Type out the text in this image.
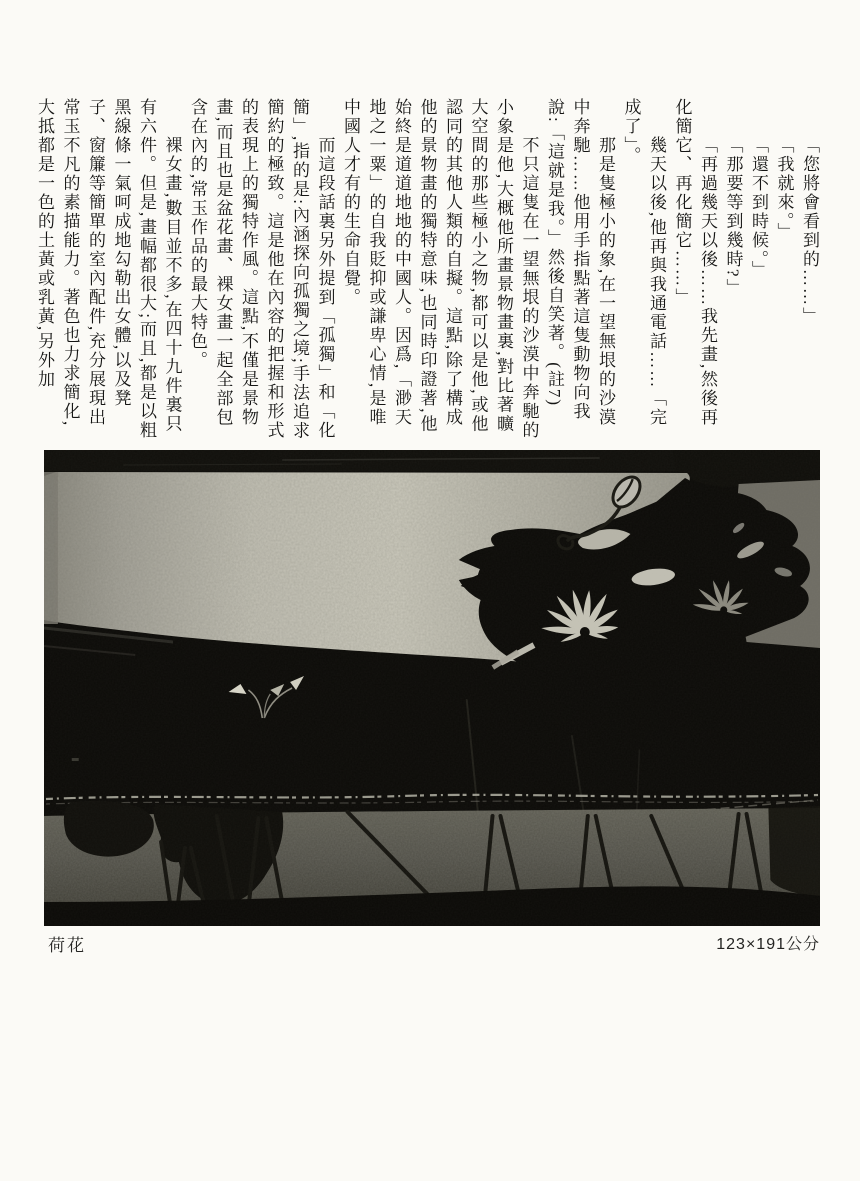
「您將會看到的……」

「我就來。」

「還不到時候。」

「那要等到幾時?」

「再過幾天以後……我先畫,然後再化簡它、再化簡它……」

幾天以後,他再與我通電話……「完成了」。

那是隻極小的象,在一望無垠的沙漠中奔馳……他用手指點著這隻動物向我說:「這就是我。」然後自笑著。(註7)

不只這隻在一望無垠的沙漠中奔馳的小象是他,大概他所畫景物畫裏,對比著曠大空間的那些極小之物,都可以是他,或他認同的其他人類的自擬。這點,除了構成他的景物畫的獨特意味,也同時印證著,他始終是道道地地的中國人。因爲,「渺天地之一粟」的自我貶抑或謙卑心情,是唯中國人才有的生命自覺。

而這段話裏另外提到「孤獨」和「化簡」,指的是:內涵探向孤獨之境;手法追求簡約的極致。這是他在內容的把握和形式的表現上的獨特作風。這點,不僅是景物畫,而且也是盆花畫、裸女畫一起全部包含在內的,常玉作品的最大特色。

裸女畫,數目並不多,在四十九件裏只有六件。但是,畫幅都很大;而且,都是以粗黑線條一氣呵成地勾勒出女體,以及凳子、窗簾等簡單的室內配件,充分展現出常玉不凡的素描能力。著色也力求簡化,大抵都是一色的土黃或乳黃,另外加

荷花	123×191公分
